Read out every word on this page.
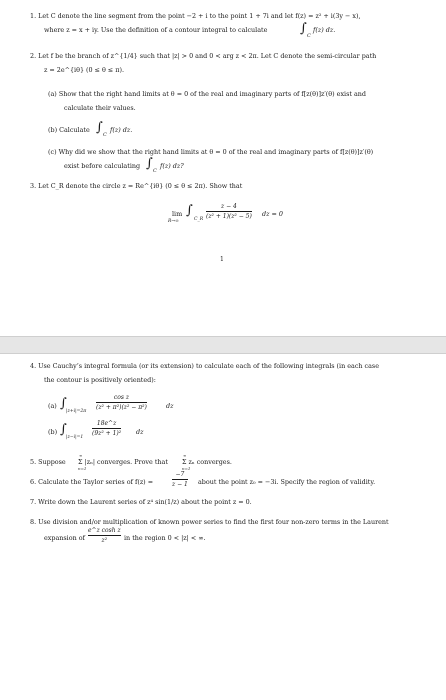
1. Let C denote the line segment from the point −2 + i to the point 1 + 7i and let f(z) = z² + i(3y − x),
where z = x + iy. Use the definition of a contour integral to calculate	∫ C
f(z) dz.
2. Let f be the branch of z^{1/4} such that |z| > 0 and 0 < arg z < 2π. Let C denote the semi-circular path
z = 2e^{iθ} (0 ≤ θ ≤ π).
(a) Show that the right hand limits at θ = 0 of the real and imaginary parts of f[z(θ)]z′(θ) exist and
calculate their values.
(b) Calculate ∫ C
f(z) dz.
(c) Why did we show that the right hand limits at θ = 0 of the real and imaginary parts of f[z(θ)]z′(θ)
exist before calculating ∫ C
f(z) dz?
3. Let C_R denote the circle z = Re^{iθ} (0 ≤ θ ≤ 2π). Show that
lim
R→∞
∫
C_R
z − 4
(z² + 1)(z² − 5) dz = 0
1
4. Use Cauchy’s integral formula (or its extension) to calculate each of the following integrals (in each case
the contour is positively oriented):
(a) ∫
|z+i|=2π
cos z
(z² + π²)(z² − π²)	dz
(b) ∫
|z−i|=1
18e^z
(9z² + 1)² dz
5. Suppose
∞
n=1
Σ |zₙ| converges. Prove that
∞
n=1
Σ zₙ converges.
6. Calculate the Taylor series of f(z) =
−7
z − 1 about the point z₀ = −3i. Specify the region of validity.
7. Write down the Laurent series of z⁴ sin(1/z) about the point z = 0.
8. Use division and/or multiplication of known power series to find the first four non-zero terms in the Laurent
expansion of
e^z cosh z
z²	in the region 0 < |z| < ∞.
